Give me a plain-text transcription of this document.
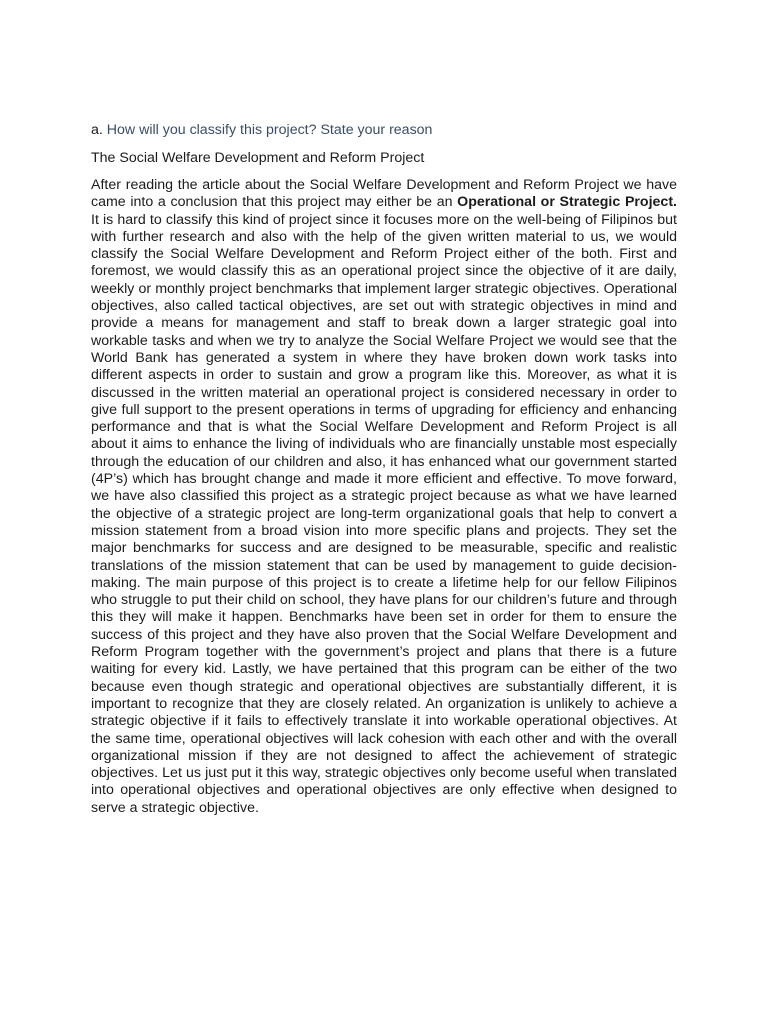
a. How will you classify this project? State your reason
The Social Welfare Development and Reform Project

After reading the article about the Social Welfare Development and Reform Project we have came into a conclusion that this project may either be an Operational or Strategic Project. It is hard to classify this kind of project since it focuses more on the well-being of Filipinos but with further research and also with the help of the given written material to us, we would classify the Social Welfare Development and Reform Project either of the both. First and foremost, we would classify this as an operational project since the objective of it are daily, weekly or monthly project benchmarks that implement larger strategic objectives. Operational objectives, also called tactical objectives, are set out with strategic objectives in mind and provide a means for management and staff to break down a larger strategic goal into workable tasks and when we try to analyze the Social Welfare Project we would see that the World Bank has generated a system in where they have broken down work tasks into different aspects in order to sustain and grow a program like this. Moreover, as what it is discussed in the written material an operational project is considered necessary in order to give full support to the present operations in terms of upgrading for efficiency and enhancing performance and that is what the Social Welfare Development and Reform Project is all about it aims to enhance the living of individuals who are financially unstable most especially through the education of our children and also, it has enhanced what our government started (4P’s) which has brought change and made it more efficient and effective. To move forward, we have also classified this project as a strategic project because as what we have learned the objective of a strategic project are long-term organizational goals that help to convert a mission statement from a broad vision into more specific plans and projects. They set the major benchmarks for success and are designed to be measurable, specific and realistic translations of the mission statement that can be used by management to guide decision-making. The main purpose of this project is to create a lifetime help for our fellow Filipinos who struggle to put their child on school, they have plans for our children’s future and through this they will make it happen. Benchmarks have been set in order for them to ensure the success of this project and they have also proven that the Social Welfare Development and Reform Program together with the government’s project and plans that there is a future waiting for every kid. Lastly, we have pertained that this program can be either of the two because even though strategic and operational objectives are substantially different, it is important to recognize that they are closely related. An organization is unlikely to achieve a strategic objective if it fails to effectively translate it into workable operational objectives. At the same time, operational objectives will lack cohesion with each other and with the overall organizational mission if they are not designed to affect the achievement of strategic objectives. Let us just put it this way, strategic objectives only become useful when translated into operational objectives and operational objectives are only effective when designed to serve a strategic objective.
